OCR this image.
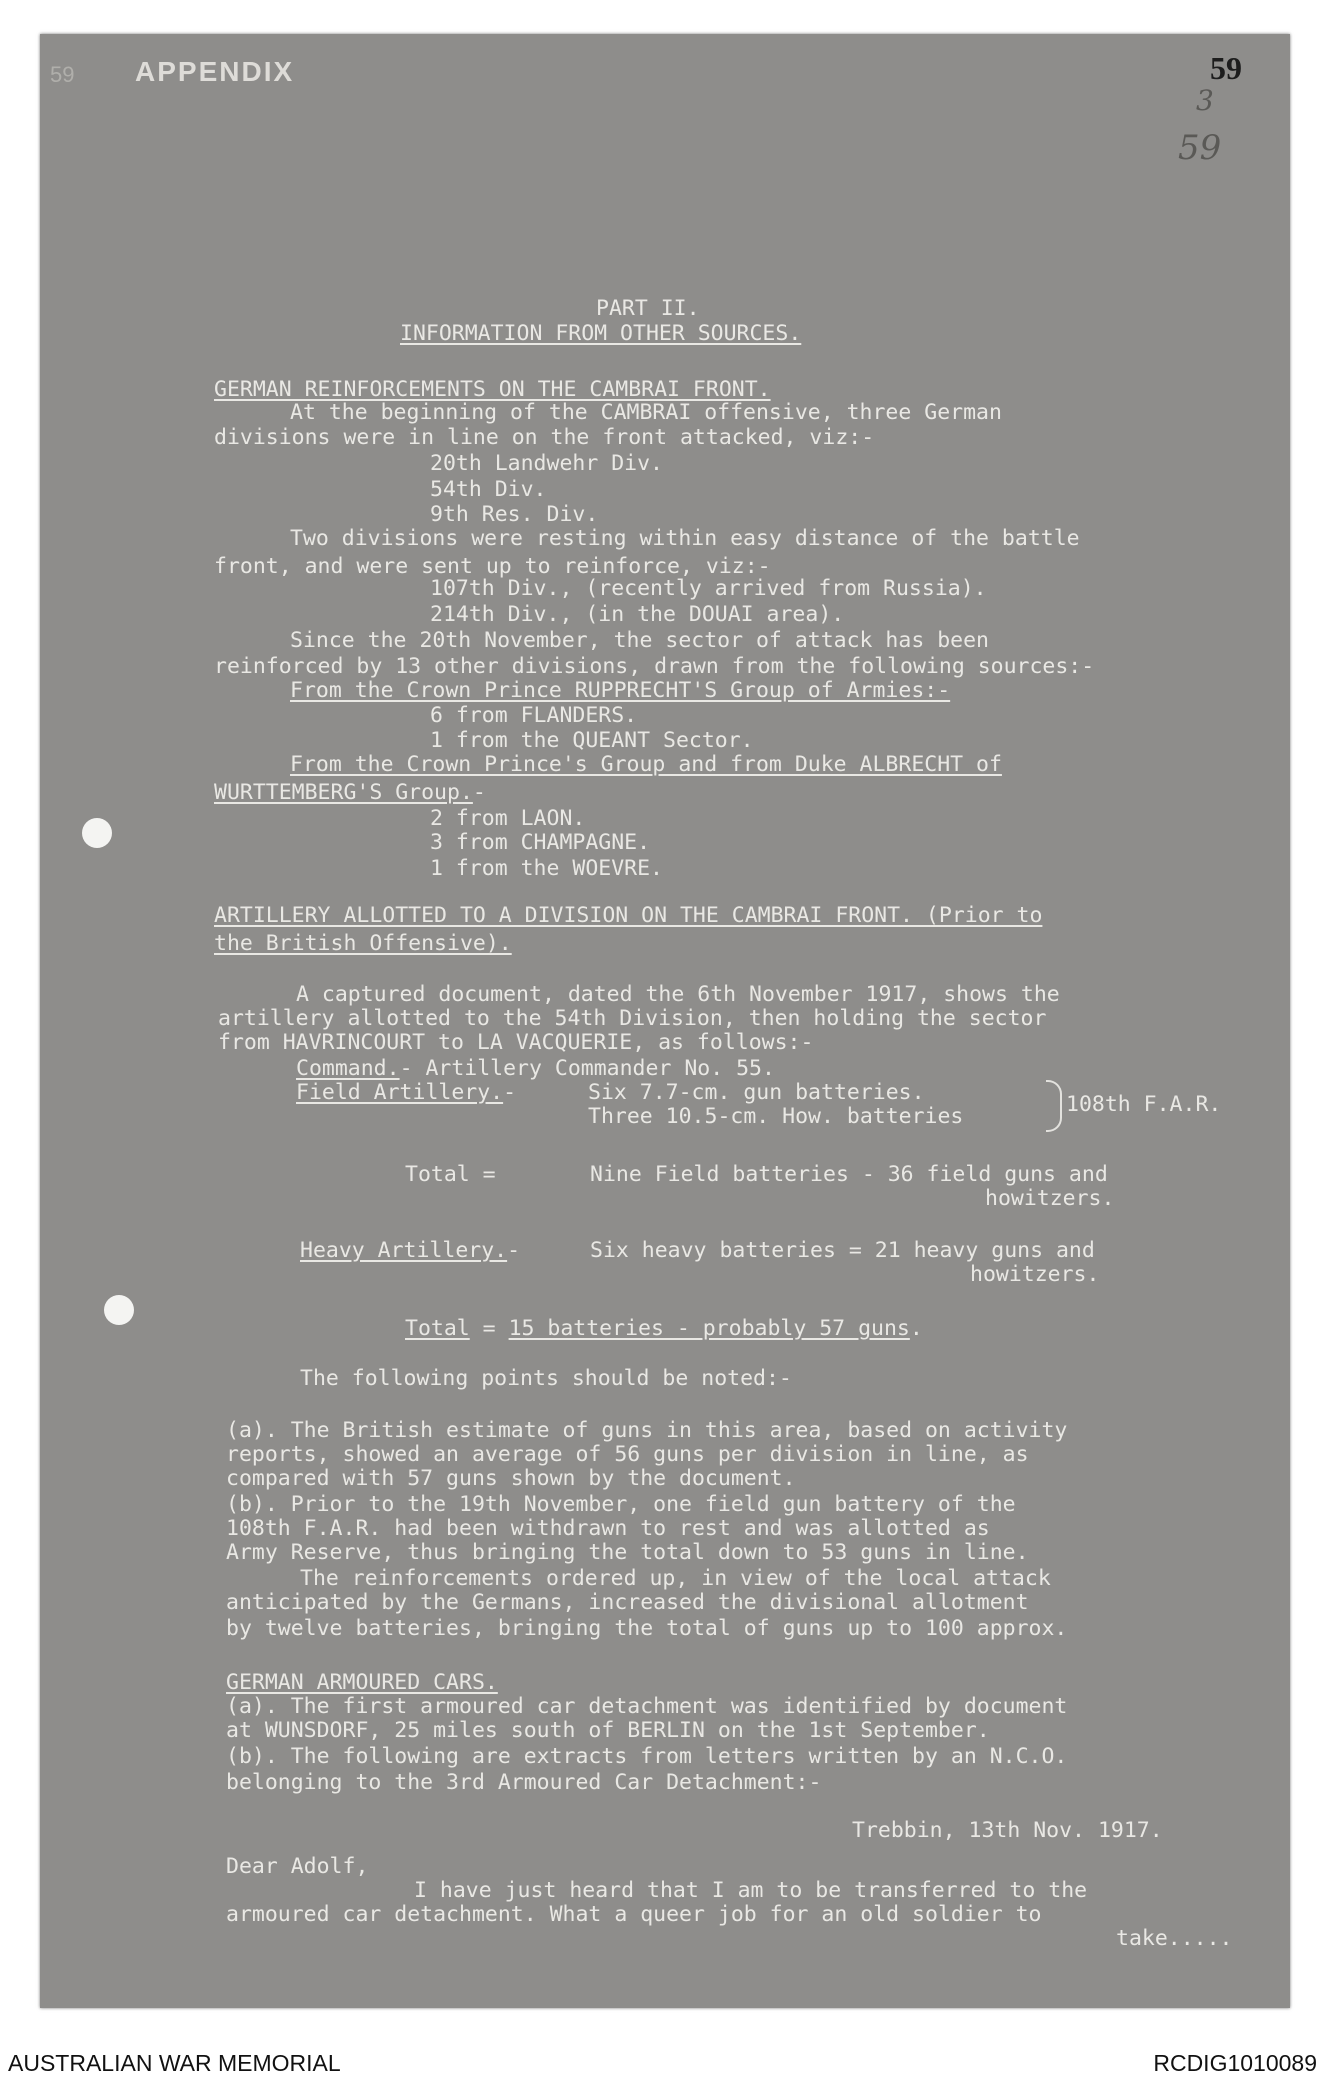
59 APPENDIX	59
3
59
PART II.
INFORMATION FROM OTHER SOURCES.
GERMAN REINFORCEMENTS ON THE CAMBRAI FRONT.
At the beginning of the CAMBRAI offensive, three German
divisions were in line on the front attacked, viz:-
20th Landwehr Div.
54th Div.
9th Res. Div.
Two divisions were resting within easy distance of the battle
front, and were sent up to reinforce, viz:-
107th Div., (recently arrived from Russia).
214th Div., (in the DOUAI area).
Since the 20th November, the sector of attack has been
reinforced by 13 other divisions, drawn from the following sources:-
From the Crown Prince RUPPRECHT'S Group of Armies:-
6 from FLANDERS.
1 from the QUEANT Sector.
From the Crown Prince's Group and from Duke ALBRECHT of
WURTTEMBERG'S Group.-
2 from LAON.
3 from CHAMPAGNE.
1 from the WOEVRE.
ARTILLERY ALLOTTED TO A DIVISION ON THE CAMBRAI FRONT. (Prior to
the British Offensive).
A captured document, dated the 6th November 1917, shows the
artillery allotted to the 54th Division, then holding the sector
from HAVRINCOURT to LA VACQUERIE, as follows:-
Command.- Artillery Commander No. 55.
Field Artillery.-	Six 7.7-cm. gun batteries.
Three 10.5-cm. How. batteries	108th F.A.R.
Total =	Nine Field batteries - 36 field guns and
howitzers.
Heavy Artillery.-	Six heavy batteries = 21 heavy guns and
howitzers.
Total = 15 batteries - probably 57 guns.
The following points should be noted:-
(a). The British estimate of guns in this area, based on activity
reports, showed an average of 56 guns per division in line, as
compared with 57 guns shown by the document.
(b). Prior to the 19th November, one field gun battery of the
108th F.A.R. had been withdrawn to rest and was allotted as
Army Reserve, thus bringing the total down to 53 guns in line.
The reinforcements ordered up, in view of the local attack
anticipated by the Germans, increased the divisional allotment
by twelve batteries, bringing the total of guns up to 100 approx.
GERMAN ARMOURED CARS.
(a). The first armoured car detachment was identified by document
at WUNSDORF, 25 miles south of BERLIN on the 1st September.
(b). The following are extracts from letters written by an N.C.O.
belonging to the 3rd Armoured Car Detachment:-
Trebbin, 13th Nov. 1917.
Dear Adolf,
I have just heard that I am to be transferred to the
armoured car detachment. What a queer job for an old soldier to
take.....
AUSTRALIAN WAR MEMORIAL	RCDIG1010089
